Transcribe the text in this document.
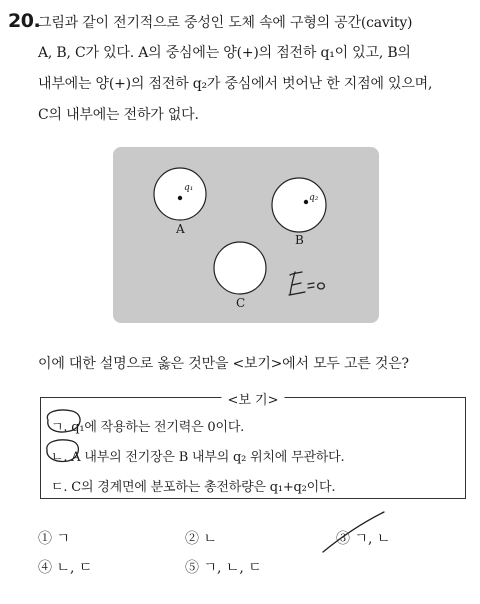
20.
그림과 같이 전기적으로 중성인 도체 속에 구형의 공간(cavity)
A, B, C가 있다. A의 중심에는 양(+)의 점전하 q₁이 있고, B의
내부에는 양(+)의 점전하 q₂가 중심에서 벗어난 한 지점에 있으며,
C의 내부에는 전하가 없다.
q₁
q₂
A
B
C
이에 대한 설명으로 옳은 것만을 <보기>에서 모두 고른 것은?
<보 기>
ㄱ. q₁에 작용하는 전기력은 0이다.
ㄴ. A 내부의 전기장은 B 내부의 q₂ 위치에 무관하다.
ㄷ. C의 경계면에 분포하는 총전하량은 q₁+q₂이다.
① ㄱ	② ㄴ	③ ㄱ, ㄴ
④ ㄴ, ㄷ	⑤ ㄱ, ㄴ, ㄷ
